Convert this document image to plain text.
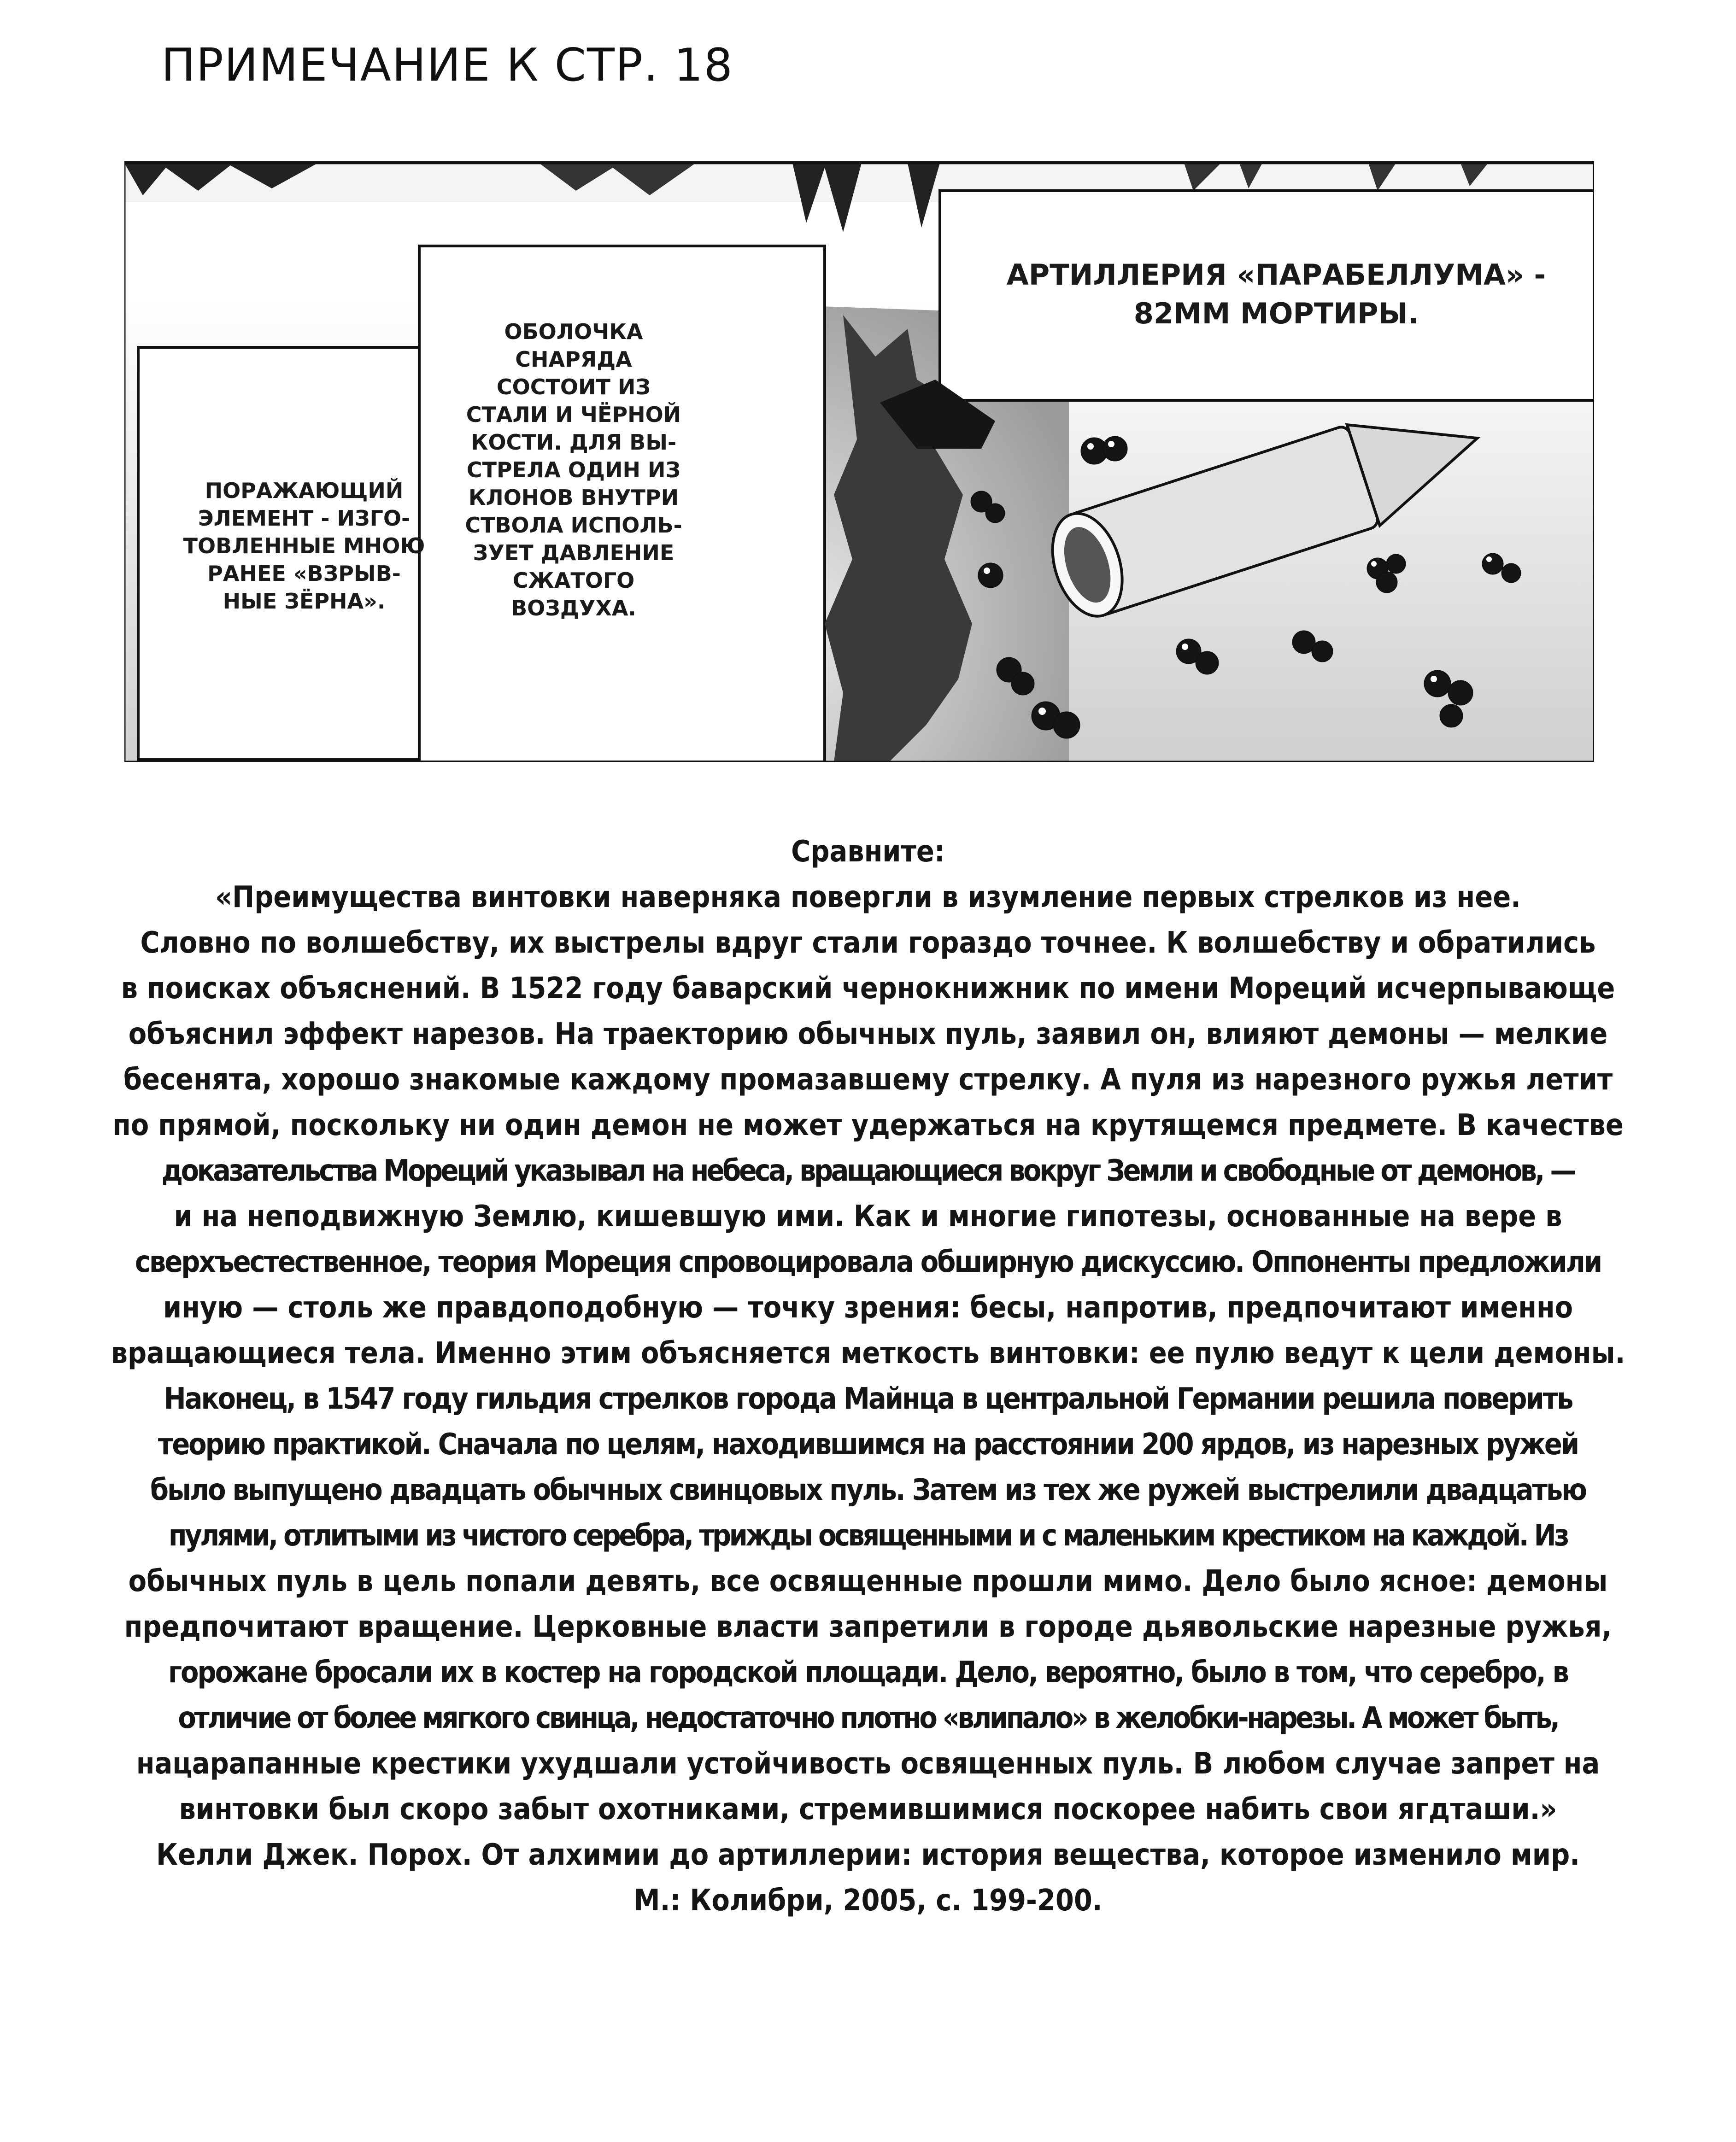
ПРИМЕЧАНИЕ К СТР. 18
АРТИЛЛЕРИЯ «ПАРАБЕЛЛУМА» -
82ММ МОРТИРЫ.
ОБОЛОЧКА
СНАРЯДА
СОСТОИТ ИЗ
СТАЛИ И ЧЁРНОЙ
КОСТИ. ДЛЯ ВЫ-
СТРЕЛА ОДИН ИЗ
КЛОНОВ ВНУТРИ
СТВОЛА ИСПОЛЬ-
ЗУЕТ ДАВЛЕНИЕ
СЖАТОГО
ВОЗДУХА.
ПОРАЖАЮЩИЙ
ЭЛЕМЕНТ - ИЗГО-
ТОВЛЕННЫЕ МНОЮ
РАНЕЕ «ВЗРЫВ-
НЫЕ ЗЁРНА».
Сравните:
«Преимущества винтовки наверняка повергли в изумление первых стрелков из нее.
Словно по волшебству, их выстрелы вдруг стали гораздо точнее. К волшебству и обратились
в поисках объяснений. В 1522 году баварский чернокнижник по имени Мореций исчерпывающе
объяснил эффект нарезов. На траекторию обычных пуль, заявил он, влияют демоны — мелкие
бесенята, хорошо знакомые каждому промазавшему стрелку. А пуля из нарезного ружья летит
по прямой, поскольку ни один демон не может удержаться на крутящемся предмете. В качестве
доказательства Мореций указывал на небеса, вращающиеся вокруг Земли и свободные от демонов, —
и на неподвижную Землю, кишевшую ими. Как и многие гипотезы, основанные на вере в
сверхъестественное, теория Мореция спровоцировала обширную дискуссию. Оппоненты предложили
иную — столь же правдоподобную — точку зрения: бесы, напротив, предпочитают именно
вращающиеся тела. Именно этим объясняется меткость винтовки: ее пулю ведут к цели демоны.
Наконец, в 1547 году гильдия стрелков города Майнца в центральной Германии решила поверить
теорию практикой. Сначала по целям, находившимся на расстоянии 200 ярдов, из нарезных ружей
было выпущено двадцать обычных свинцовых пуль. Затем из тех же ружей выстрелили двадцатью
пулями, отлитыми из чистого серебра, трижды освященными и с маленьким крестиком на каждой. Из
обычных пуль в цель попали девять, все освященные прошли мимо. Дело было ясное: демоны
предпочитают вращение. Церковные власти запретили в городе дьявольские нарезные ружья,
горожане бросали их в костер на городской площади. Дело, вероятно, было в том, что серебро, в
отличие от более мягкого свинца, недостаточно плотно «влипало» в желобки-нарезы. А может быть,
нацарапанные крестики ухудшали устойчивость освященных пуль. В любом случае запрет на
винтовки был скоро забыт охотниками, стремившимися поскорее набить свои ягдташи.»
Келли Джек. Порох. От алхимии до артиллерии: история вещества, которое изменило мир.
М.: Колибри, 2005, с. 199-200.
